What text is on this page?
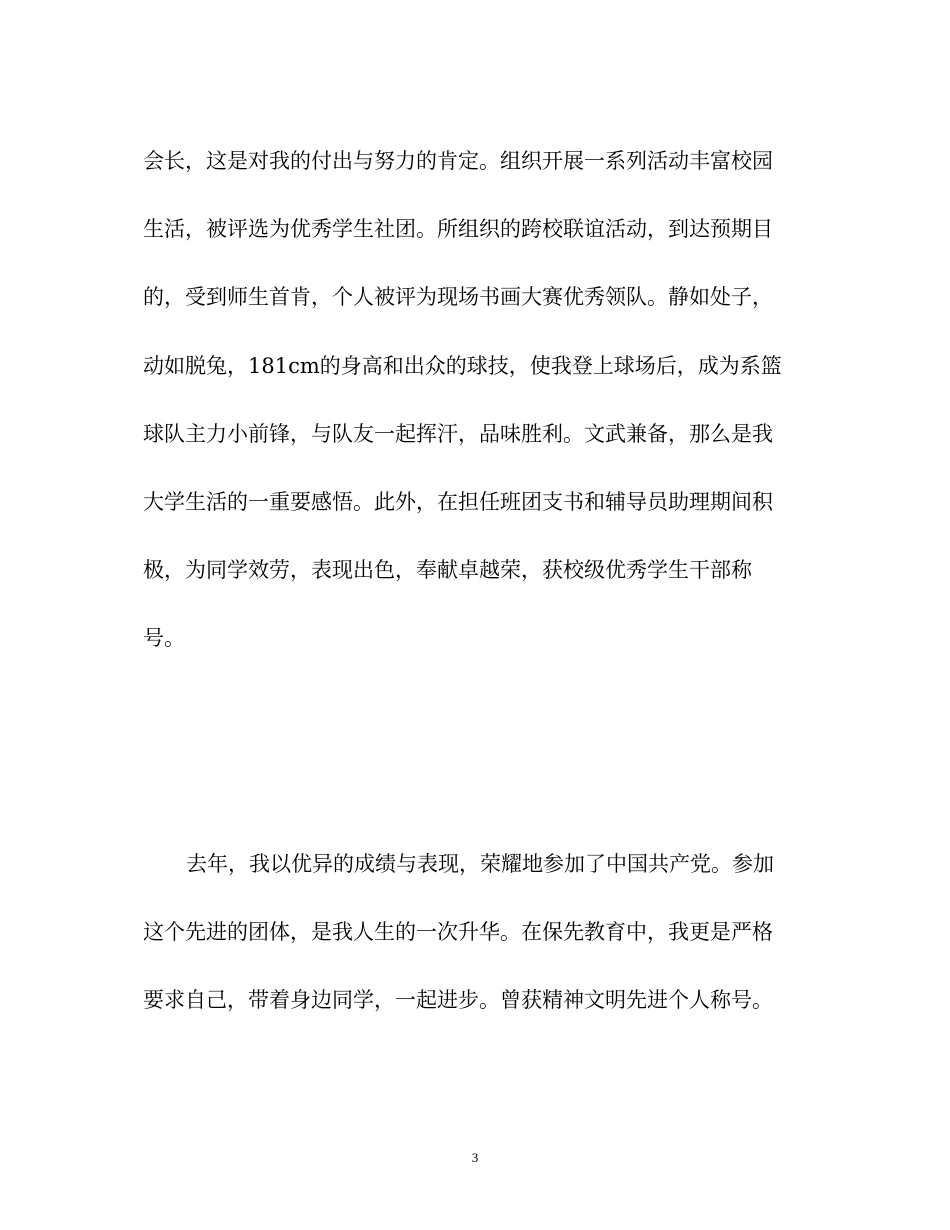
会长，这是对我的付出与努力的肯定。组织开展一系列活动丰富校园
生活，被评选为优秀学生社团。所组织的跨校联谊活动，到达预期目
的，受到师生首肯，个人被评为现场书画大赛优秀领队。静如处子，
动如脱兔，181cm的身高和出众的球技，使我登上球场后，成为系篮
球队主力小前锋，与队友一起挥汗，品味胜利。文武兼备，那么是我
大学生活的一重要感悟。此外，在担任班团支书和辅导员助理期间积
极，为同学效劳，表现出色，奉献卓越荣，获校级优秀学生干部称
号。
去年，我以优异的成绩与表现，荣耀地参加了中国共产党。参加
这个先进的团体，是我人生的一次升华。在保先教育中，我更是严格
要求自己，带着身边同学，一起进步。曾获精神文明先进个人称号。
3
